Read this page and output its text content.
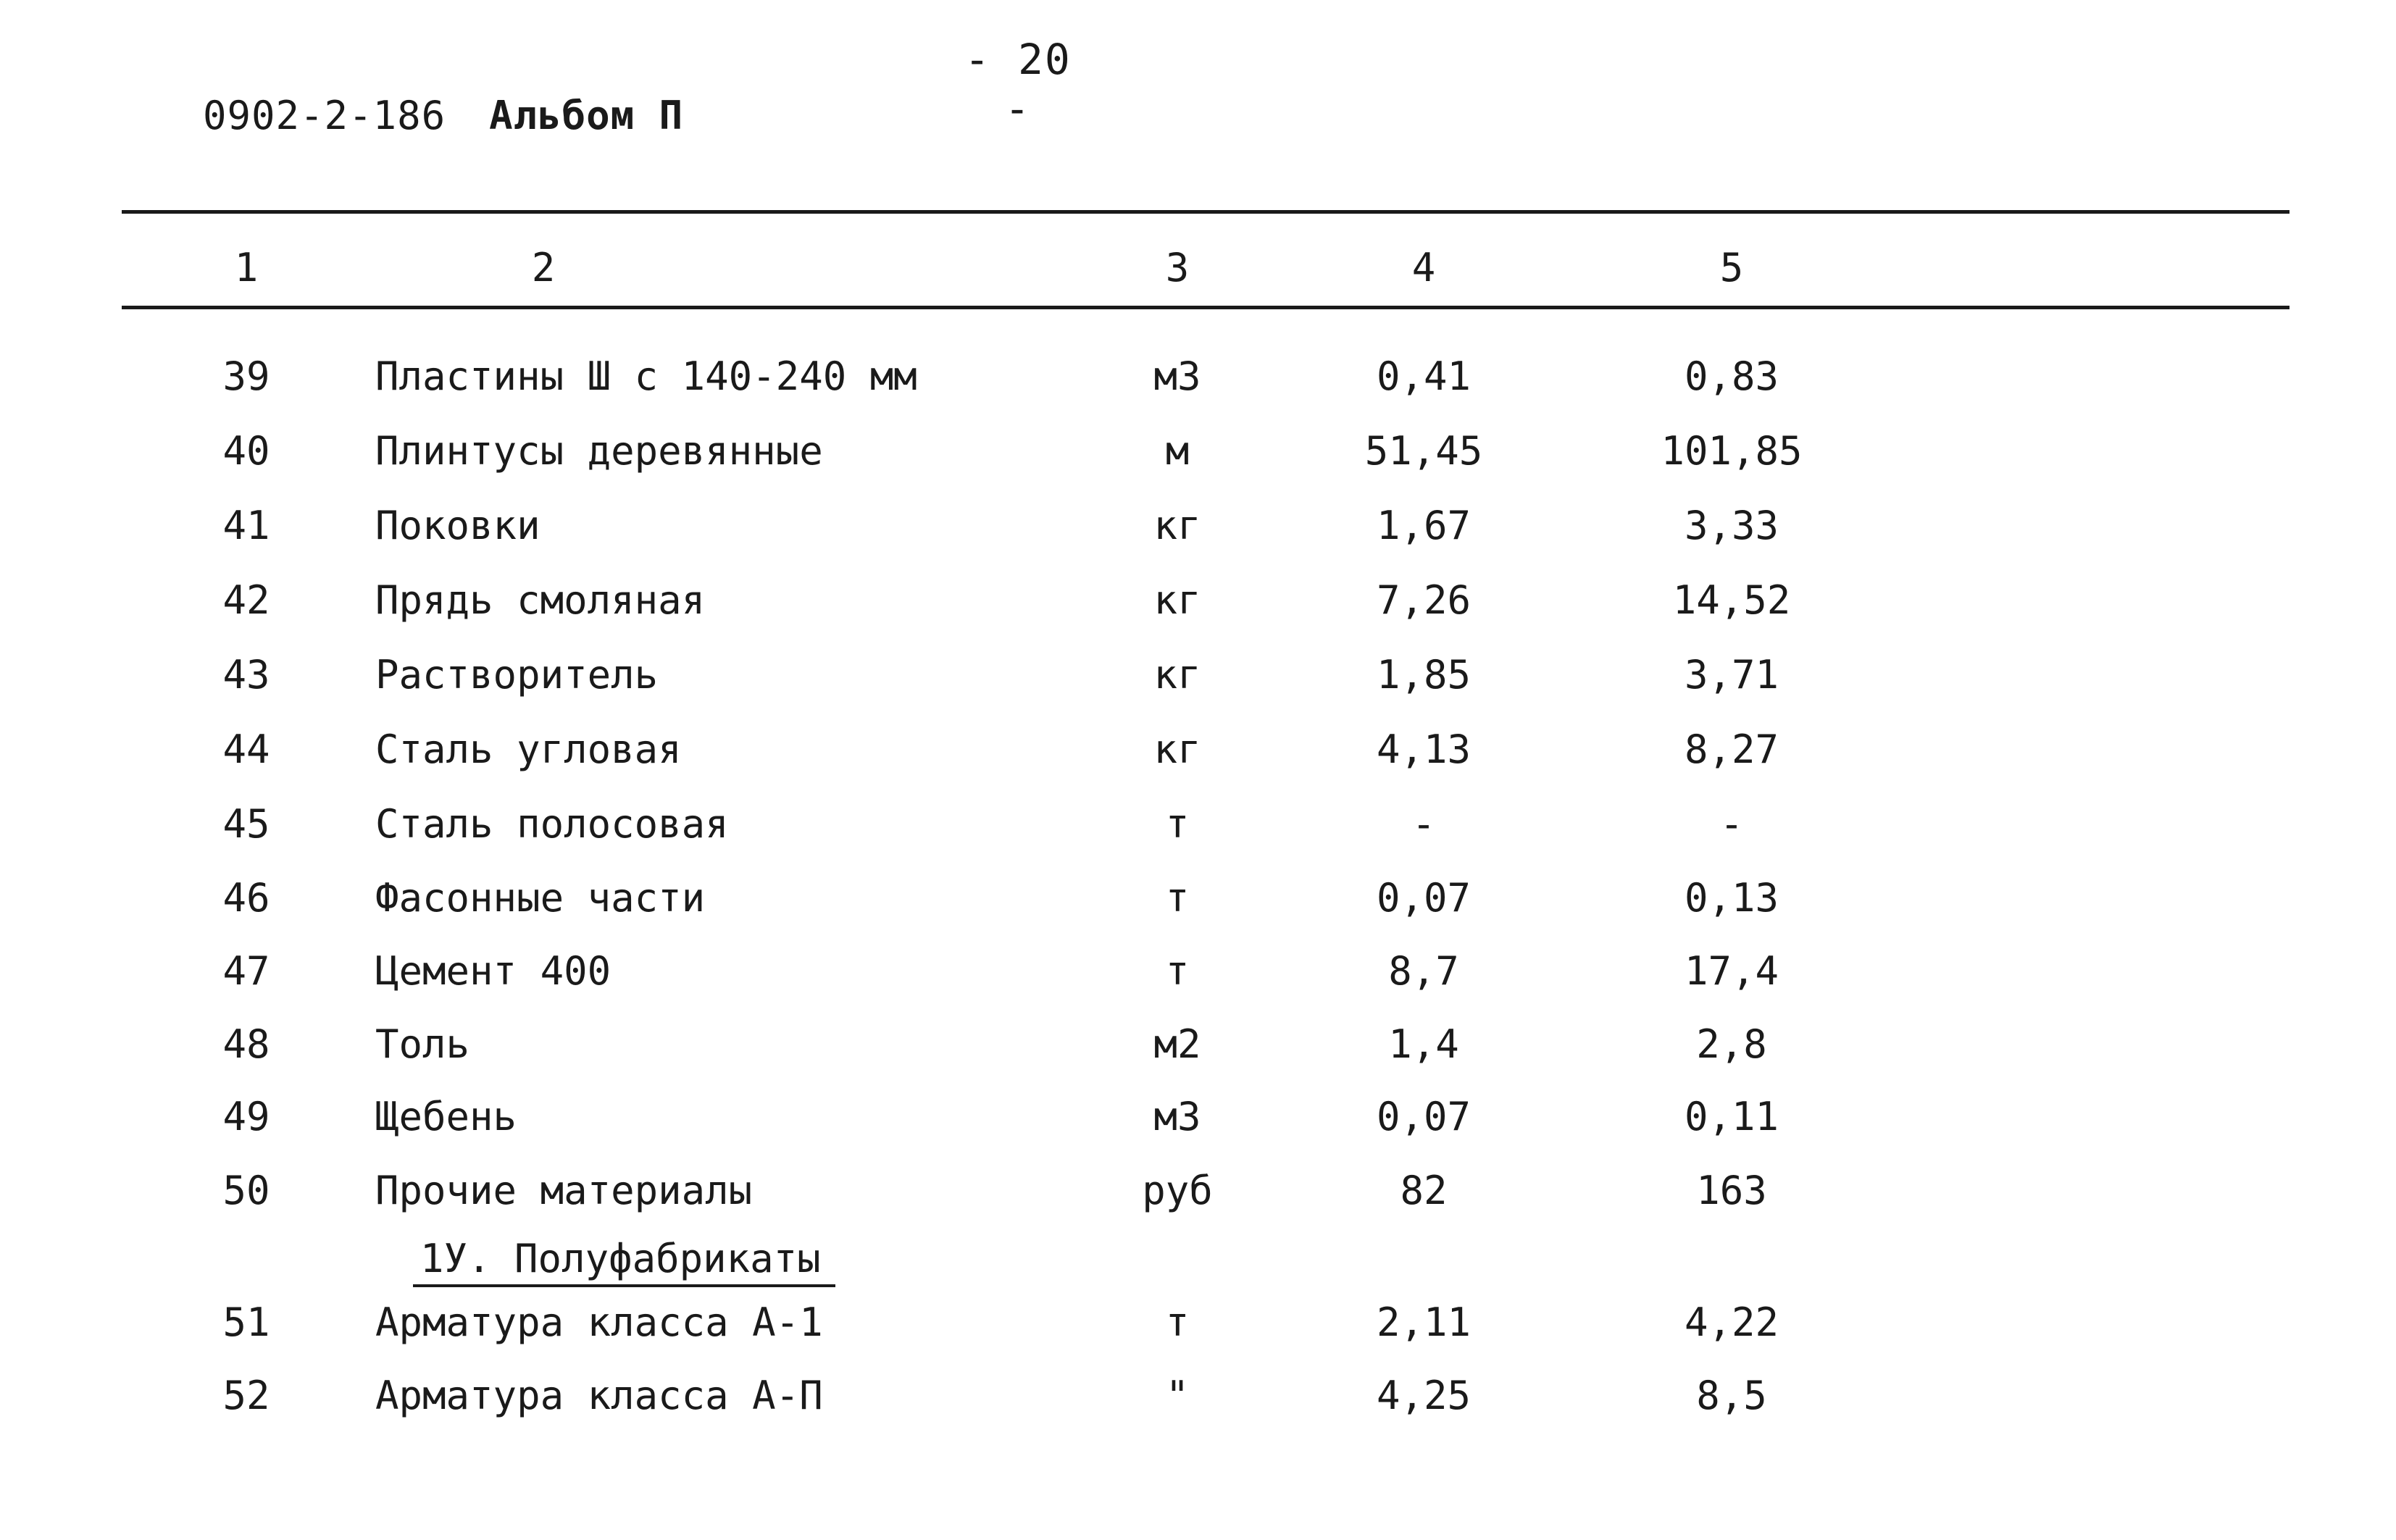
- 20 -
0902-2-186 Альбом П
1	2	3	4	5
39	Пластины Ш с 140-240 мм	м3	0,41	0,83
40	Плинтусы деревянные	м	51,45	101,85
41	Поковки	кг	1,67	3,33
42	Прядь смоляная	кг	7,26	14,52
43	Растворитель	кг	1,85	3,71
44	Сталь угловая	кг	4,13	8,27
45	Сталь полосовая	т	-	-
46	Фасонные части	т	0,07	0,13
47	Цемент 400	т	8,7	17,4
48	Толь	м2	1,4	2,8
49	Щебень	м3	0,07	0,11
50	Прочие материалы	руб	82	163
1У. Полуфабрикаты
51	Арматура класса А-1	т	2,11	4,22
52	Арматура класса А-П	"	4,25	8,5
